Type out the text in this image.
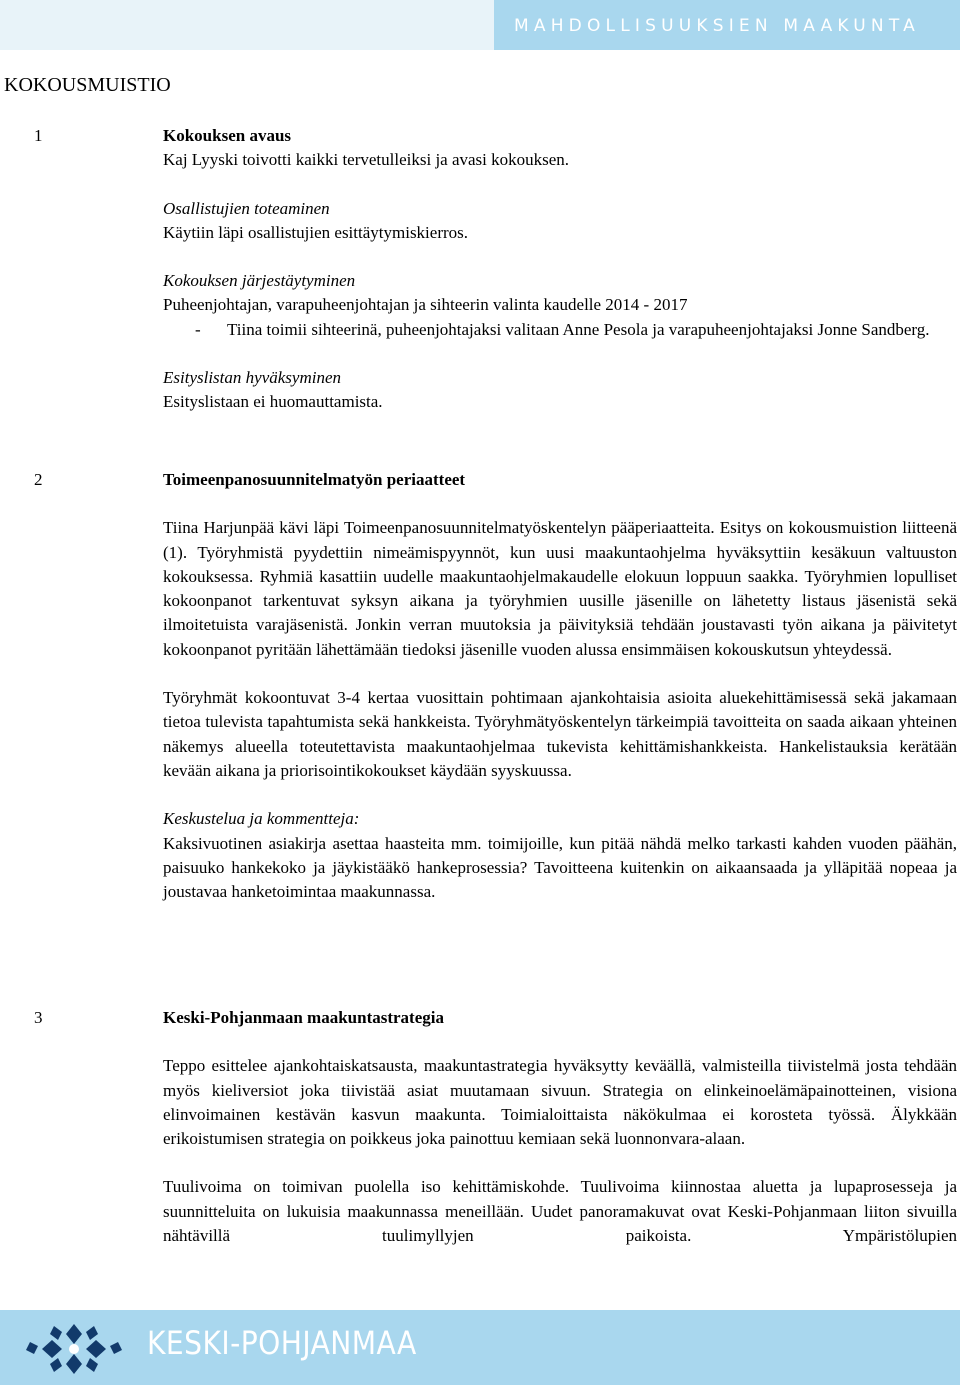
MAHDOLLISUUKSIEN MAAKUNTA
KOKOUSMUISTIO
1	Kokouksen avaus

Kaj Lyyski toivotti kaikki tervetulleiksi ja avasi kokouksen.

Osallistujien toteaminen

Käytiin läpi osallistujien esittäytymiskierros.

Kokouksen järjestäytyminen

Puheenjohtajan, varapuheenjohtajan ja sihteerin valinta kaudelle 2014 - 2017

-	Tiina toimii sihteerinä, puheenjohtajaksi valitaan Anne Pesola ja varapuheenjohtajaksi Jonne Sandberg.

Esityslistan hyväksyminen

Esityslistaan ei huomauttamista.

2	Toimeenpanosuunnitelmatyön periaatteet

Tiina Harjunpää kävi läpi Toimeenpanosuunnitelmatyöskentelyn pääperiaatteita. Esitys on kokousmuistion liitteenä (1). Työryhmistä pyydettiin nimeämispyynnöt, kun uusi maakuntaohjelma hyväksyttiin kesäkuun valtuuston kokouksessa. Ryhmiä kasattiin uudelle maakuntaohjelmakaudelle elokuun loppuun saakka. Työryhmien lopulliset kokoonpanot tarkentuvat syksyn aikana ja työryhmien uusille jäsenille on lähetetty listaus jäsenistä sekä ilmoitetuista varajäsenistä. Jonkin verran muutoksia ja päivityksiä tehdään joustavasti työn aikana ja päivitetyt kokoonpanot pyritään lähettämään tiedoksi jäsenille vuoden alussa ensimmäisen kokouskutsun yhteydessä.

Työryhmät kokoontuvat 3-4 kertaa vuosittain pohtimaan ajankohtaisia asioita aluekehittämisessä sekä jakamaan tietoa tulevista tapahtumista sekä hankkeista. Työryhmätyöskentelyn tärkeimpiä tavoitteita on saada aikaan yhteinen näkemys alueella toteutettavista maakuntaohjelmaa tukevista kehittämishankkeista. Hankelistauksia kerätään kevään aikana ja priorisointikokoukset käydään syyskuussa.

Keskustelua ja kommentteja:

Kaksivuotinen asiakirja asettaa haasteita mm. toimijoille, kun pitää nähdä melko tarkasti kahden vuoden päähän, paisuuko hankekoko ja jäykistääkö hankeprosessia? Tavoitteena kuitenkin on aikaansaada ja ylläpitää nopeaa ja joustavaa hanketoimintaa maakunnassa.

3	Keski-Pohjanmaan maakuntastrategia

Teppo esittelee ajankohtaiskatsausta, maakuntastrategia hyväksytty keväällä, valmisteilla tiivistelmä josta tehdään myös kieliversiot joka tiivistää asiat muutamaan sivuun. Strategia on elinkeinoelämäpainotteinen, visiona elinvoimainen kestävän kasvun maakunta. Toimialoittaista näkökulmaa ei korosteta työssä. Älykkään erikoistumisen strategia on poikkeus joka painottuu kemiaan sekä luonnonvara-alaan.

Tuulivoima on toimivan puolella iso kehittämiskohde. Tuulivoima kiinnostaa aluetta ja lupaprosesseja ja suunnitteluita on lukuisia maakunnassa meneillään. Uudet panoramakuvat ovat Keski-Pohjanmaan liiton sivuilla nähtävillä tuulimyllyjen paikoista. Ympäristölupien

KESKI-POHJANMAA
